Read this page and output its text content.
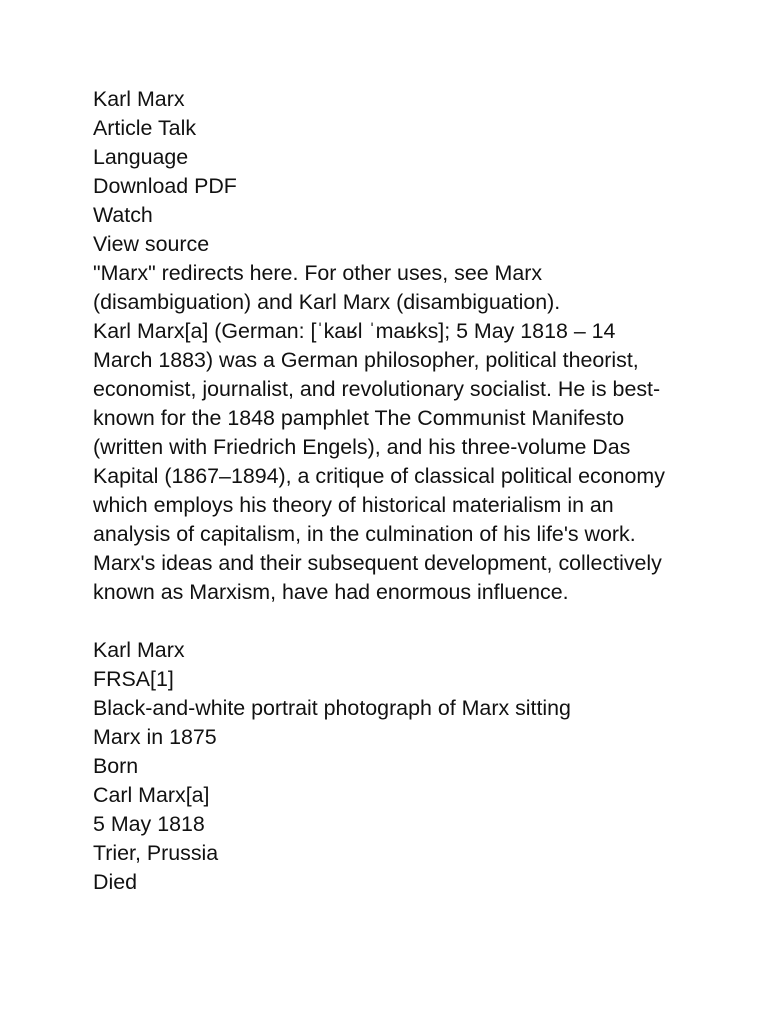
Karl Marx
Article Talk
Language
Download PDF
Watch
View source
"Marx" redirects here. For other uses, see Marx (disambiguation) and Karl Marx (disambiguation).
Karl Marx[a] (German: [ˈkaʁl ˈmaʁks]; 5 May 1818 – 14 March 1883) was a German philosopher, political theorist, economist, journalist, and revolutionary socialist. He is best-known for the 1848 pamphlet The Communist Manifesto (written with Friedrich Engels), and his three-volume Das Kapital (1867–1894), a critique of classical political economy which employs his theory of historical materialism in an analysis of capitalism, in the culmination of his life's work. Marx's ideas and their subsequent development, collectively known as Marxism, have had enormous influence.
Karl Marx
FRSA[1]
Black-and-white portrait photograph of Marx sitting
Marx in 1875
Born
Carl Marx[a]
5 May 1818
Trier, Prussia
Died
